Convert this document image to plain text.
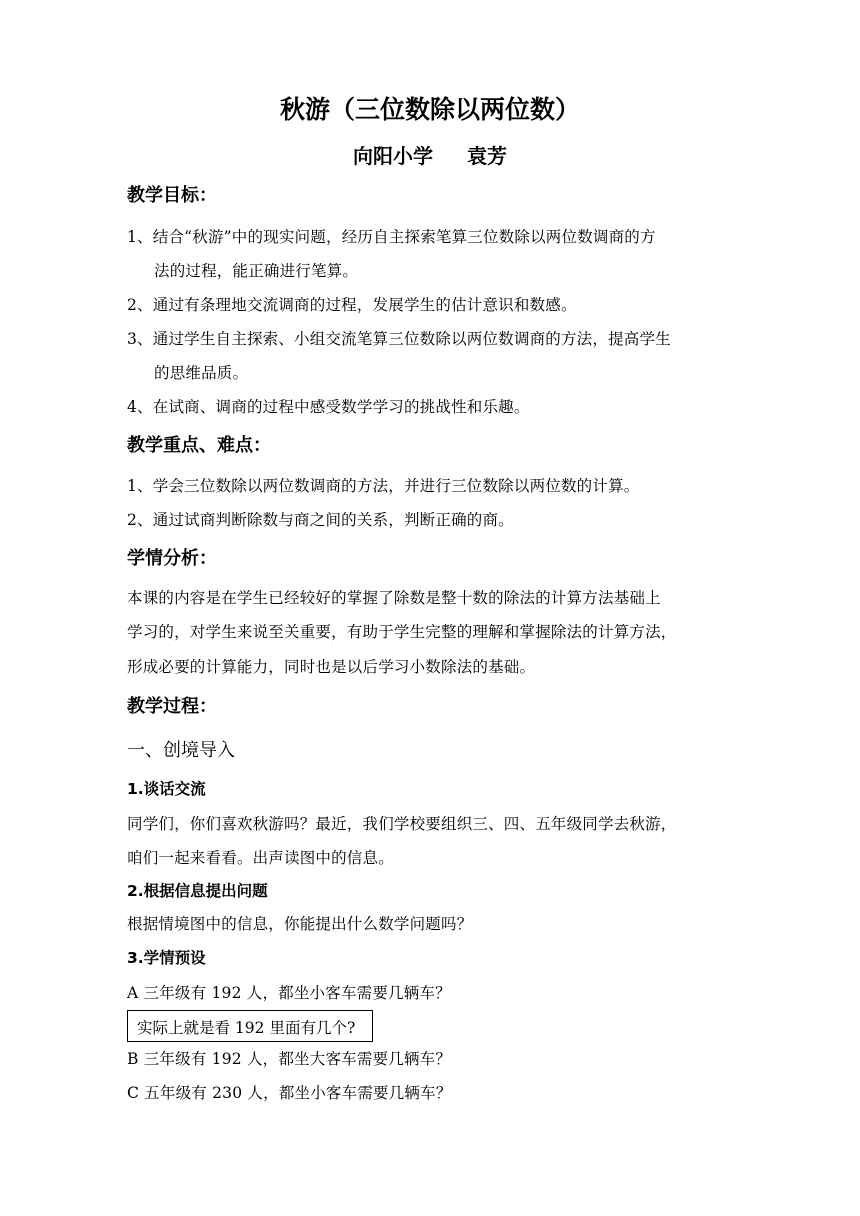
秋游（三位数除以两位数）
向阳小学 袁芳
教学目标：
1、结合“秋游”中的现实问题，经历自主探索笔算三位数除以两位数调商的方
法的过程，能正确进行笔算。
2、通过有条理地交流调商的过程，发展学生的估计意识和数感。
3、通过学生自主探索、小组交流笔算三位数除以两位数调商的方法，提高学生
的思维品质。
4、在试商、调商的过程中感受数学学习的挑战性和乐趣。
教学重点、难点：
1、学会三位数除以两位数调商的方法，并进行三位数除以两位数的计算。
2、通过试商判断除数与商之间的关系，判断正确的商。
学情分析：
本课的内容是在学生已经较好的掌握了除数是整十数的除法的计算方法基础上
学习的，对学生来说至关重要，有助于学生完整的理解和掌握除法的计算方法，
形成必要的计算能力，同时也是以后学习小数除法的基础。
教学过程：
一、创境导入
1.谈话交流
同学们，你们喜欢秋游吗？最近，我们学校要组织三、四、五年级同学去秋游，
咱们一起来看看。出声读图中的信息。
2.根据信息提出问题
根据情境图中的信息，你能提出什么数学问题吗？
3.学情预设
A 三年级有 192 人，都坐小客车需要几辆车？
实际上就是看 192 里面有几个?
B 三年级有 192 人，都坐大客车需要几辆车？
C 五年级有 230 人，都坐小客车需要几辆车？
